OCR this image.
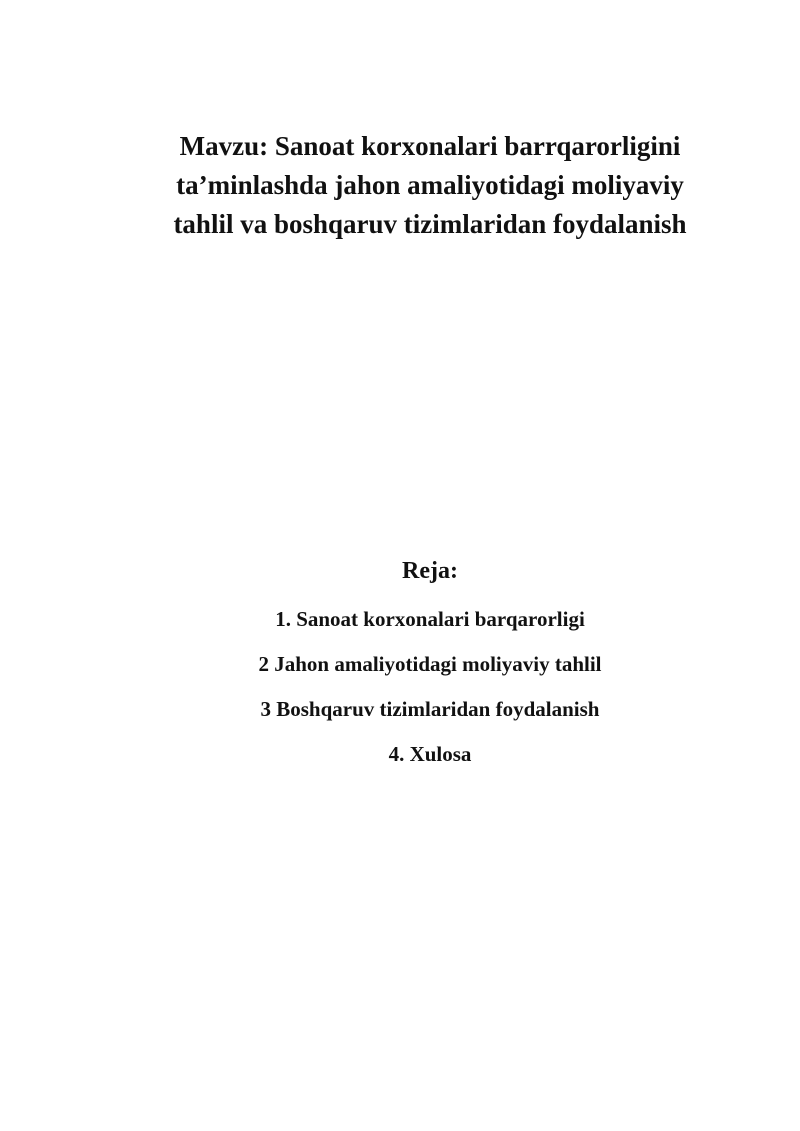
Mavzu: Sanoat korxonalari barrqarorligini
ta’minlashda jahon amaliyotidagi moliyaviy
tahlil va boshqaruv tizimlaridan foydalanish
Reja:
1. Sanoat korxonalari barqarorligi
2 Jahon amaliyotidagi moliyaviy tahlil
3 Boshqaruv tizimlaridan foydalanish
4. Xulosa
